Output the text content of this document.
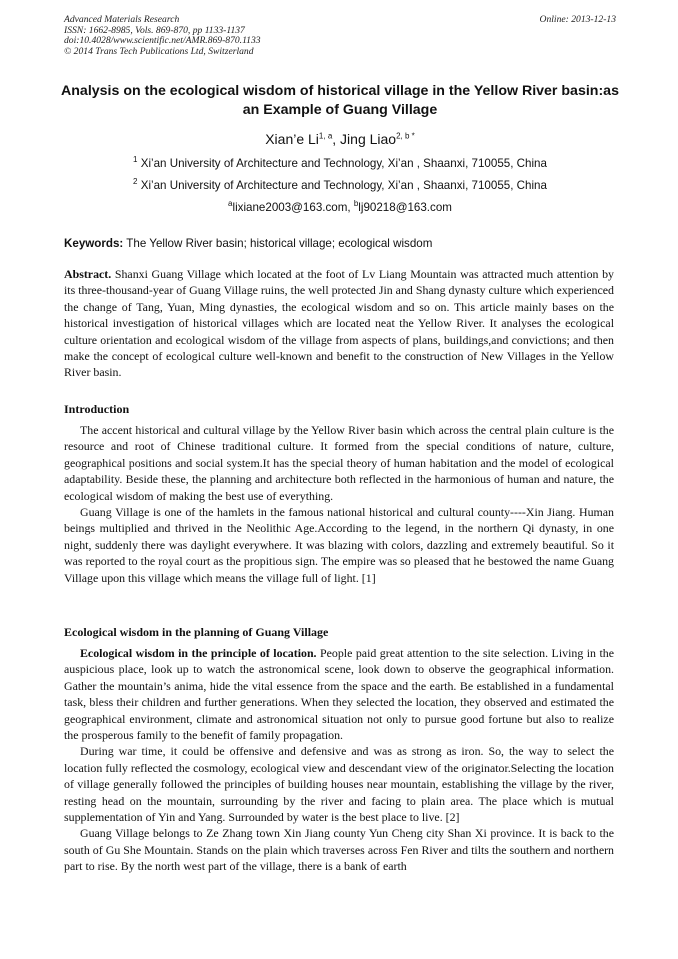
Advanced Materials Research
ISSN: 1662-8985, Vols. 869-870, pp 1133-1137
doi:10.4028/www.scientific.net/AMR.869-870.1133
© 2014 Trans Tech Publications Ltd, Switzerland
Online: 2013-12-13
Analysis on the ecological wisdom of historical village in the Yellow River basin:as an Example of Guang Village
Xian’e Li$^{1, a}$, Jing Liao$^{2, b *}$
$^1$ Xi’an University of Architecture and Technology, Xi’an , Shaanxi, 710055, China
$^2$ Xi’an University of Architecture and Technology, Xi’an , Shaanxi, 710055, China
$^a$lixiane2003@163.com, $^b$lj90218@163.com
Keywords: The Yellow River basin; historical village; ecological wisdom

Abstract. Shanxi Guang Village which located at the foot of Lv Liang Mountain was attracted much attention by its three-thousand-year of Guang Village ruins, the well protected Jin and Shang dynasty culture which experienced the change of Tang, Yuan, Ming dynasties, the ecological wisdom and so on. This article mainly bases on the historical investigation of historical villages which are located neat the Yellow River. It analyses the ecological culture orientation and ecological wisdom of the village from aspects of plans, buildings,and convictions; and then make the concept of ecological culture well-known and benefit to the construction of New Villages in the Yellow River basin.

Introduction

The accent historical and cultural village by the Yellow River basin which across the central plain culture is the resource and root of Chinese traditional culture. It formed from the special conditions of nature, culture, geographical positions and social system.It has the special theory of human habitation and the model of ecological adaptability. Beside these, the planning and architecture both reflected in the harmonious of human and nature, the ecological wisdom of making the best use of everything.

Guang Village is one of the hamlets in the famous national historical and cultural county----Xin Jiang. Human beings multiplied and thrived in the Neolithic Age.According to the legend, in the northern Qi dynasty, in one night, suddenly there was daylight everywhere. It was blazing with colors, dazzling and extremely beautiful. So it was reported to the royal court as the propitious sign. The empire was so pleased that he bestowed the name Guang Village upon this village which means the village full of light. [1]

Ecological wisdom in the planning of Guang Village

Ecological wisdom in the principle of location. People paid great attention to the site selection. Living in the auspicious place, look up to watch the astronomical scene, look down to observe the geographical information. Gather the mountain’s anima, hide the vital essence from the space and the earth. Be established in a fundamental task, bless their children and further generations. When they selected the location, they observed and estimated the geographical environment, climate and astronomical situation not only to pursue good fortune but also to realize the prosperous family to the benefit of family propagation.

During war time, it could be offensive and defensive and was as strong as iron. So, the way to select the location fully reflected the cosmology, ecological view and descendant view of the originator.Selecting the location of village generally followed the principles of building houses near mountain, establishing the village by the river, resting head on the mountain, surrounding by the river and facing to plain area. The place which is mutual supplementation of Yin and Yang. Surrounded by water is the best place to live. [2]

Guang Village belongs to Ze Zhang town Xin Jiang county Yun Cheng city Shan Xi province. It is back to the south of Gu She Mountain. Stands on the plain which traverses across Fen River and tilts the southern and northern part to rise. By the north west part of the village, there is a bank of earth
